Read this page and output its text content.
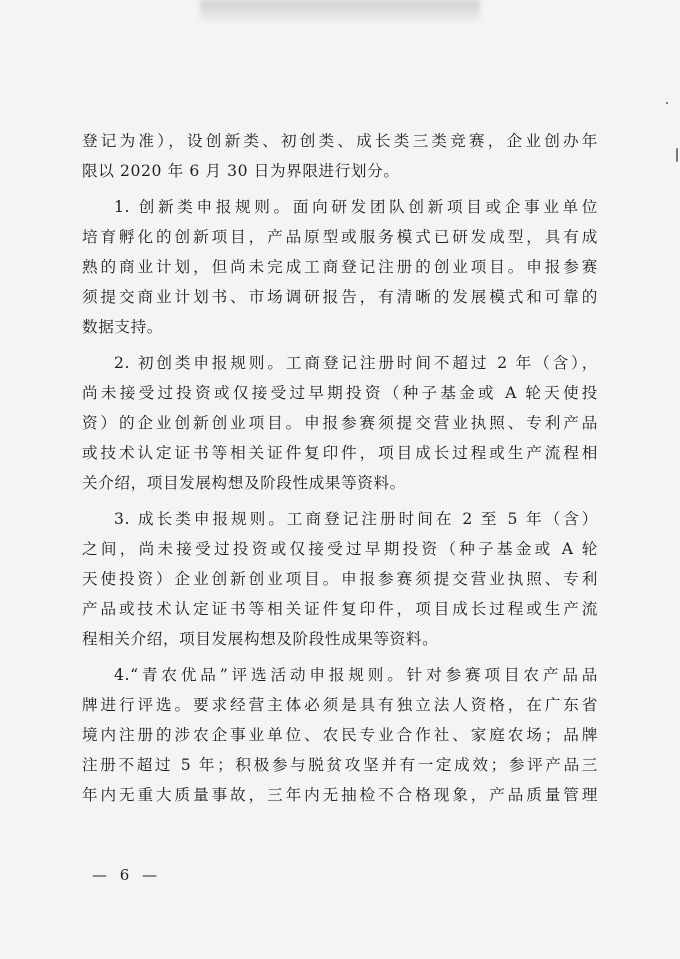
登记为准），设创新类、初创类、成长类三类竞赛，企业创办年
限以 2020 年 6 月 30 日为界限进行划分。

1. 创新类申报规则。面向研发团队创新项目或企事业单位
培育孵化的创新项目，产品原型或服务模式已研发成型，具有成
熟的商业计划，但尚未完成工商登记注册的创业项目。申报参赛
须提交商业计划书、市场调研报告，有清晰的发展模式和可靠的
数据支持。

2. 初创类申报规则。工商登记注册时间不超过 2 年（含），
尚未接受过投资或仅接受过早期投资（种子基金或 A 轮天使投
资）的企业创新创业项目。申报参赛须提交营业执照、专利产品
或技术认定证书等相关证件复印件，项目成长过程或生产流程相
关介绍，项目发展构想及阶段性成果等资料。

3. 成长类申报规则。工商登记注册时间在 2 至 5 年（含）
之间，尚未接受过投资或仅接受过早期投资（种子基金或 A 轮
天使投资）企业创新创业项目。申报参赛须提交营业执照、专利
产品或技术认定证书等相关证件复印件，项目成长过程或生产流
程相关介绍，项目发展构想及阶段性成果等资料。

4.“青农优品”评选活动申报规则。针对参赛项目农产品品
牌进行评选。要求经营主体必须是具有独立法人资格，在广东省
境内注册的涉农企事业单位、农民专业合作社、家庭农场；品牌
注册不超过 5 年；积极参与脱贫攻坚并有一定成效；参评产品三
年内无重大质量事故，三年内无抽检不合格现象，产品质量管理

— 6 —
